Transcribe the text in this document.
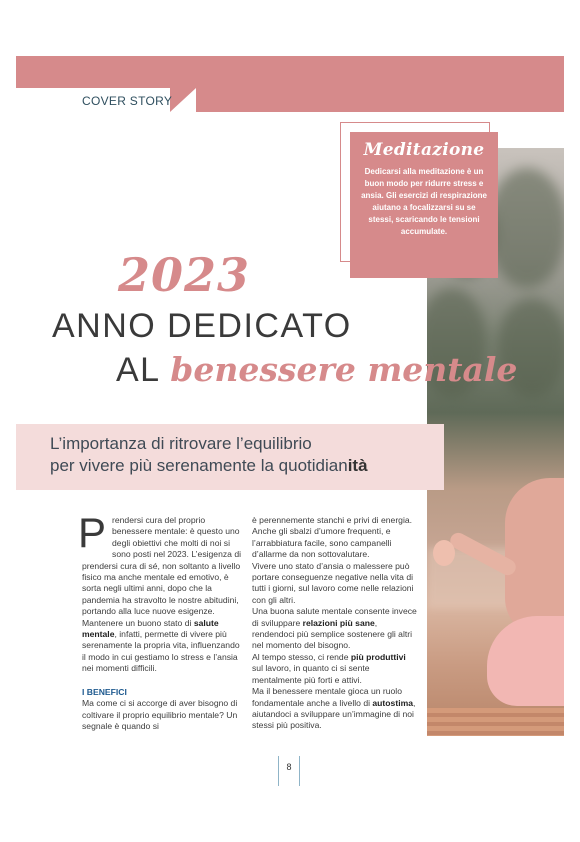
COVER STORY
Meditazione
Dedicarsi alla meditazione è un buon modo per ridurre stress e ansia. Gli esercizi di respirazione aiutano a focalizzarsi su se stessi, scaricando le tensioni accumulate.
2023
ANNO DEDICATO
AL benessere mentale
L’importanza di ritrovare l’equilibrio
per vivere più serenamente la quotidianità

Prendersi cura del proprio benessere mentale: è questo uno degli obiettivi che molti di noi si sono posti nel 2023. L’esigenza di prendersi cura di sé, non soltanto a livello fisico ma anche mentale ed emotivo, è sorta negli ultimi anni, dopo che la pandemia ha stravolto le nostre abitudini, portando alla luce nuove esigenze. Mantenere un buono stato di salute mentale, infatti, permette di vivere più serenamente la propria vita, influenzando il modo in cui gestiamo lo stress e l’ansia nei momenti difficili.

I BENEFICI

Ma come ci si accorge di aver bisogno di coltivare il proprio equilibrio mentale? Un segnale è quando si

è perennemente stanchi e privi di energia. Anche gli sbalzi d’umore frequenti, e l’arrabbiatura facile, sono campanelli d’allarme da non sottovalutare.

Vivere uno stato d’ansia o malessere può portare conseguenze negative nella vita di tutti i giorni, sul lavoro come nelle relazioni con gli altri.

Una buona salute mentale consente invece di sviluppare relazioni più sane, rendendoci più semplice sostenere gli altri nel momento del bisogno.

Al tempo stesso, ci rende più produttivi sul lavoro, in quanto ci si sente mentalmente più forti e attivi.

Ma il benessere mentale gioca un ruolo fondamentale anche a livello di autostima, aiutandoci a sviluppare un’immagine di noi stessi più positiva.

8
